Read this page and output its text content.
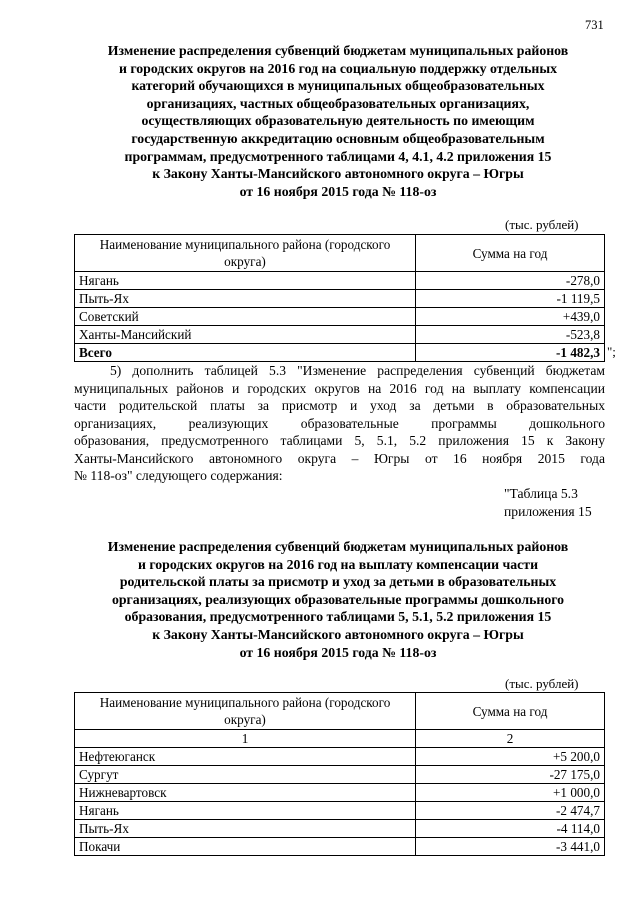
731
Изменение распределения субвенций бюджетам муниципальных районов
и городских округов на 2016 год на социальную поддержку отдельных
категорий обучающихся в муниципальных общеобразовательных
организациях, частных общеобразовательных организациях,
осуществляющих образовательную деятельность по имеющим
государственную аккредитацию основным общеобразовательным
программам, предусмотренного таблицами 4, 4.1, 4.2 приложения 15
к Закону Ханты-Мансийского автономного округа – Югры
от 16 ноября 2015 года № 118-оз
(тыс. рублей)
Наименование муниципального района (городского округа)	Сумма на год
Нягань	-278,0
Пыть-Ях	-1 119,5
Советский	+439,0
Ханты-Мансийский	-523,8
Всего	-1 482,3 ";
5) дополнить таблицей 5.3 "Изменение распределения субвенций бюджетам
муниципальных районов и городских округов на 2016 год на выплату компенсации
части родительской платы за присмотр и уход за детьми в образовательных
организациях, реализующих образовательные программы дошкольного
образования, предусмотренного таблицами 5, 5.1, 5.2 приложения 15 к Закону
Ханты-Мансийского автономного округа – Югры от 16 ноября 2015 года
№ 118-оз" следующего содержания:
"Таблица 5.3
приложения 15
Изменение распределения субвенций бюджетам муниципальных районов
и городских округов на 2016 год на выплату компенсации части
родительской платы за присмотр и уход за детьми в образовательных
организациях, реализующих образовательные программы дошкольного
образования, предусмотренного таблицами 5, 5.1, 5.2 приложения 15
к Закону Ханты-Мансийского автономного округа – Югры
от 16 ноября 2015 года № 118-оз
(тыс. рублей)
Наименование муниципального района (городского округа)	Сумма на год
1	2
Нефтеюганск	+5 200,0
Сургут	-27 175,0
Нижневартовск	+1 000,0
Нягань	-2 474,7
Пыть-Ях	-4 114,0
Покачи	-3 441,0
